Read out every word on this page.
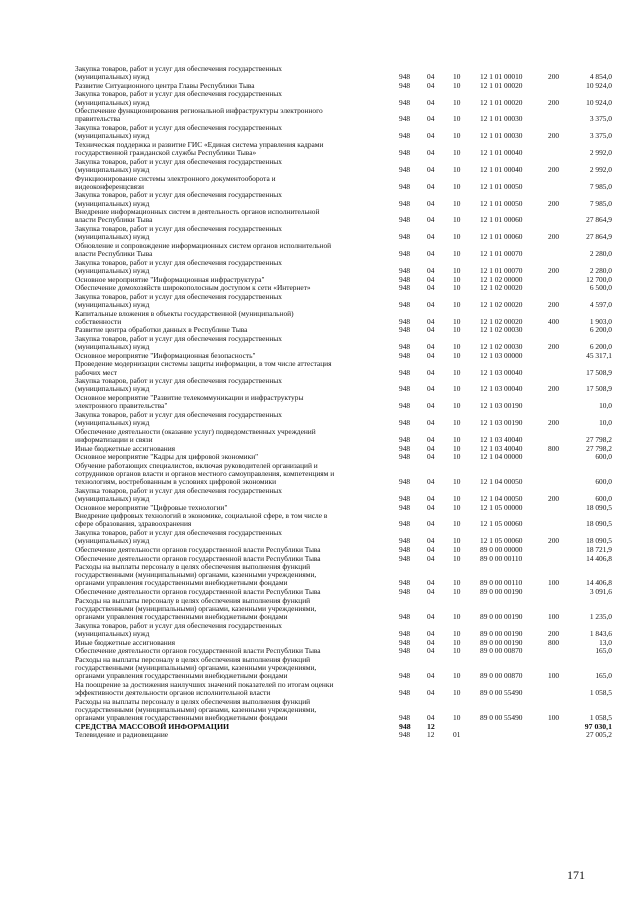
Закупка товаров, работ и услуг для обеспечения государственных
(муниципальных) нужд	948 04	10	12 1 01 00010	200	4 854,0
Развитие Ситуационного центра Главы Республики Тыва	948 04	10	12 1 01 00020	10 924,0
Закупка товаров, работ и услуг для обеспечения государственных
(муниципальных) нужд	948 04	10	12 1 01 00020	200	10 924,0
Обеспечение функционирования региональной инфраструктуры электронного
правительства	948 04	10	12 1 01 00030	3 375,0
Закупка товаров, работ и услуг для обеспечения государственных
(муниципальных) нужд	948 04	10	12 1 01 00030	200	3 375,0
Техническая поддержка и развитие ГИС «Единая система управления кадрами
государственной гражданской службы Республики Тыва»	948 04	10	12 1 01 00040	2 992,0
Закупка товаров, работ и услуг для обеспечения государственных
(муниципальных) нужд	948 04	10	12 1 01 00040	200	2 992,0
Функционирование системы электронного документооборота и
видеоконференцсвязи	948 04	10	12 1 01 00050	7 985,0
Закупка товаров, работ и услуг для обеспечения государственных
(муниципальных) нужд	948 04	10	12 1 01 00050	200	7 985,0
Внедрение информационных систем в деятельность органов исполнительной
власти Республики Тыва	948 04	10	12 1 01 00060	27 864,9
Закупка товаров, работ и услуг для обеспечения государственных
(муниципальных) нужд	948 04	10	12 1 01 00060	200	27 864,9
Обновление и сопровождение информационных систем органов исполнительной
власти Республики Тыва	948 04	10	12 1 01 00070	2 280,0
Закупка товаров, работ и услуг для обеспечения государственных
(муниципальных) нужд	948 04	10	12 1 01 00070	200	2 280,0
Основное мероприятие "Информационная инфраструктура"	948 04	10	12 1 02 00000	12 700,0
Обеспечение домохозяйств широкополосным доступом к сети «Интернет»	948 04	10	12 1 02 00020	6 500,0
Закупка товаров, работ и услуг для обеспечения государственных
(муниципальных) нужд	948 04	10	12 1 02 00020	200	4 597,0
Капитальные вложения в объекты государственной (муниципальной)
собственности	948 04	10	12 1 02 00020	400	1 903,0
Развитие центра обработки данных в Республике Тыва	948 04	10	12 1 02 00030	6 200,0
Закупка товаров, работ и услуг для обеспечения государственных
(муниципальных) нужд	948 04	10	12 1 02 00030	200	6 200,0
Основное мероприятие "Информационная безопасность"	948 04	10	12 1 03 00000	45 317,1
Проведение модернизации системы защиты информации, в том числе аттестация
рабочих мест	948 04	10	12 1 03 00040	17 508,9
Закупка товаров, работ и услуг для обеспечения государственных
(муниципальных) нужд	948 04	10	12 1 03 00040	200	17 508,9
Основное мероприятие "Развитие телекоммуникации и инфраструктуры
электронного правительства"	948 04	10	12 1 03 00190	10,0
Закупка товаров, работ и услуг для обеспечения государственных
(муниципальных) нужд	948 04	10	12 1 03 00190	200	10,0
Обеспечение деятельности (оказание услуг) подведомственных учреждений
информатизации и связи	948 04	10	12 1 03 40040	27 798,2
Иные бюджетные ассигнования	948 04	10	12 1 03 40040	800	27 798,2
Основное мероприятие "Кадры для цифровой экономики"	948 04	10	12 1 04 00000	600,0
Обучение работающих специалистов, включая руководителей организаций и
сотрудников органов власти и органов местного самоуправления, компетенциям и
технологиям, востребованным в условиях цифровой экономики	948 04	10	12 1 04 00050	600,0
Закупка товаров, работ и услуг для обеспечения государственных
(муниципальных) нужд	948 04	10	12 1 04 00050	200	600,0
Основное мероприятие "Цифровые технологии"	948 04	10	12 1 05 00000	18 090,5
Внедрение цифровых технологий в экономике, социальной сфере, в том числе в
сфере образования, здравоохранения	948 04	10	12 1 05 00060	18 090,5
Закупка товаров, работ и услуг для обеспечения государственных
(муниципальных) нужд	948 04	10	12 1 05 00060	200	18 090,5
Обеспечение деятельности органов государственной власти Республики Тыва	948 04	10	89 0 00 00000	18 721,9
Обеспечение деятельности органов государственной власти Республики Тыва	948 04	10	89 0 00 00110	14 406,8
Расходы на выплаты персоналу в целях обеспечения выполнения функций
государственными (муниципальными) органами, казенными учреждениями,
органами управления государственными внебюджетными фондами	948 04	10	89 0 00 00110	100	14 406,8
Обеспечение деятельности органов государственной власти Республики Тыва	948 04	10	89 0 00 00190	3 091,6
Расходы на выплаты персоналу в целях обеспечения выполнения функций
государственными (муниципальными) органами, казенными учреждениями,
органами управления государственными внебюджетными фондами	948 04	10	89 0 00 00190	100	1 235,0
Закупка товаров, работ и услуг для обеспечения государственных
(муниципальных) нужд	948 04	10	89 0 00 00190	200	1 843,6
Иные бюджетные ассигнования	948 04	10	89 0 00 00190	800	13,0
Обеспечение деятельности органов государственной власти Республики Тыва	948 04	10	89 0 00 00870	165,0
Расходы на выплаты персоналу в целях обеспечения выполнения функций
государственными (муниципальными) органами, казенными учреждениями,
органами управления государственными внебюджетными фондами	948 04	10	89 0 00 00870	100	165,0
На поощрение за достижения наилучших значений показателей по итогам оценки
эффективности деятельности органов исполнительной власти	948 04	10	89 0 00 55490	1 058,5
Расходы на выплаты персоналу в целях обеспечения выполнения функций
государственными (муниципальными) органами, казенными учреждениями,
органами управления государственными внебюджетными фондами	948 04	10	89 0 00 55490	100	1 058,5
СРЕДСТВА МАССОВОЙ ИНФОРМАЦИИ	948 12	97 030,1
Телевидение и радиовещание	948 12	01	27 005,2
171
